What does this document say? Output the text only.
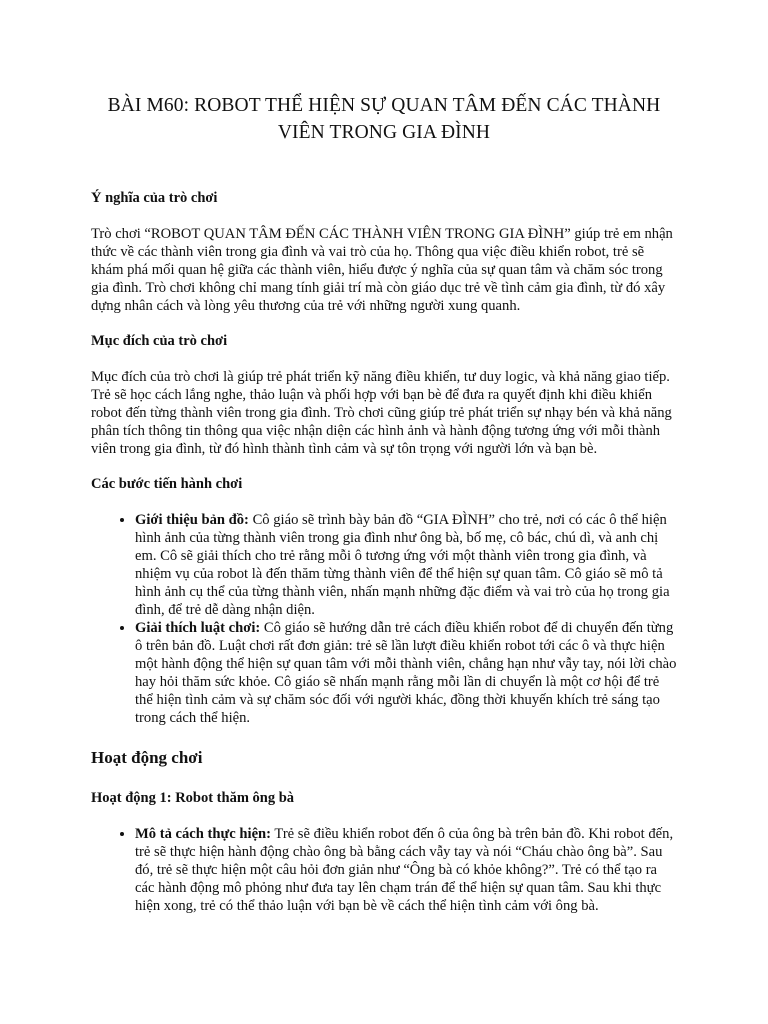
BÀI M60: ROBOT THỂ HIỆN SỰ QUAN TÂM ĐẾN CÁC THÀNH VIÊN TRONG GIA ĐÌNH
Ý nghĩa của trò chơi

Trò chơi “ROBOT QUAN TÂM ĐẾN CÁC THÀNH VIÊN TRONG GIA ĐÌNH” giúp trẻ em nhận thức về các thành viên trong gia đình và vai trò của họ. Thông qua việc điều khiển robot, trẻ sẽ khám phá mối quan hệ giữa các thành viên, hiểu được ý nghĩa của sự quan tâm và chăm sóc trong gia đình. Trò chơi không chỉ mang tính giải trí mà còn giáo dục trẻ về tình cảm gia đình, từ đó xây dựng nhân cách và lòng yêu thương của trẻ với những người xung quanh.

Mục đích của trò chơi

Mục đích của trò chơi là giúp trẻ phát triển kỹ năng điều khiển, tư duy logic, và khả năng giao tiếp. Trẻ sẽ học cách lắng nghe, thảo luận và phối hợp với bạn bè để đưa ra quyết định khi điều khiển robot đến từng thành viên trong gia đình. Trò chơi cũng giúp trẻ phát triển sự nhạy bén và khả năng phân tích thông tin thông qua việc nhận diện các hình ảnh và hành động tương ứng với mỗi thành viên trong gia đình, từ đó hình thành tình cảm và sự tôn trọng với người lớn và bạn bè.

Các bước tiến hành chơi
• Giới thiệu bản đồ: Cô giáo sẽ trình bày bản đồ “GIA ĐÌNH” cho trẻ, nơi có các ô thể hiện hình ảnh của từng thành viên trong gia đình như ông bà, bố mẹ, cô bác, chú dì, và anh chị em. Cô sẽ giải thích cho trẻ rằng mỗi ô tương ứng với một thành viên trong gia đình, và nhiệm vụ của robot là đến thăm từng thành viên để thể hiện sự quan tâm. Cô giáo sẽ mô tả hình ảnh cụ thể của từng thành viên, nhấn mạnh những đặc điểm và vai trò của họ trong gia đình, để trẻ dễ dàng nhận diện.
• Giải thích luật chơi: Cô giáo sẽ hướng dẫn trẻ cách điều khiển robot để di chuyển đến từng ô trên bản đồ. Luật chơi rất đơn giản: trẻ sẽ lần lượt điều khiển robot tới các ô và thực hiện một hành động thể hiện sự quan tâm với mỗi thành viên, chẳng hạn như vẫy tay, nói lời chào hay hỏi thăm sức khỏe. Cô giáo sẽ nhấn mạnh rằng mỗi lần di chuyển là một cơ hội để trẻ thể hiện tình cảm và sự chăm sóc đối với người khác, đồng thời khuyến khích trẻ sáng tạo trong cách thể hiện.
Hoạt động chơi
Hoạt động 1: Robot thăm ông bà
• Mô tả cách thực hiện: Trẻ sẽ điều khiển robot đến ô của ông bà trên bản đồ. Khi robot đến, trẻ sẽ thực hiện hành động chào ông bà bằng cách vẫy tay và nói “Cháu chào ông bà”. Sau đó, trẻ sẽ thực hiện một câu hỏi đơn giản như “Ông bà có khỏe không?”. Trẻ có thể tạo ra các hành động mô phỏng như đưa tay lên chạm trán để thể hiện sự quan tâm. Sau khi thực hiện xong, trẻ có thể thảo luận với bạn bè về cách thể hiện tình cảm với ông bà.
